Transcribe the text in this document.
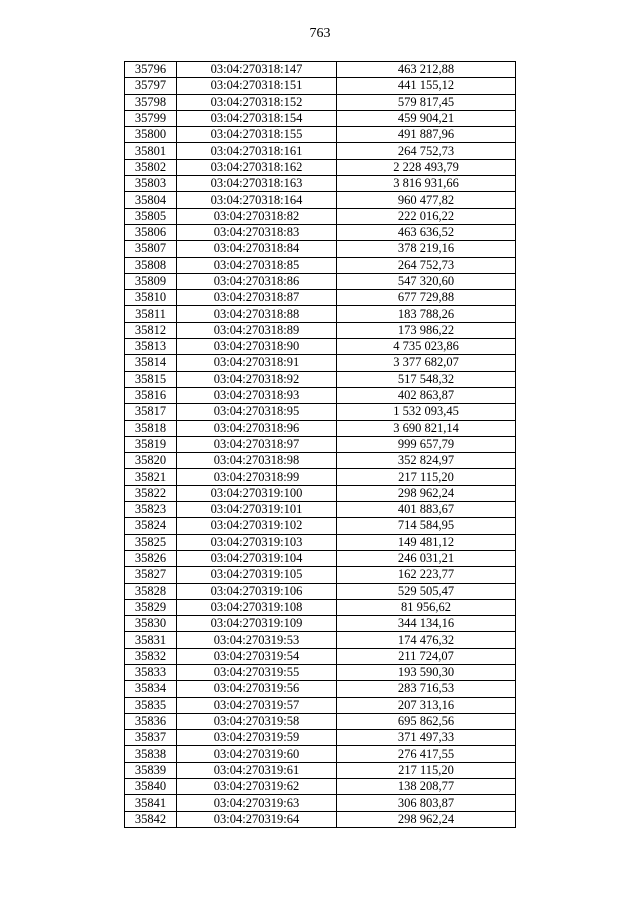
763
35796	03:04:270318:147	463 212,88
35797	03:04:270318:151	441 155,12
35798	03:04:270318:152	579 817,45
35799	03:04:270318:154	459 904,21
35800	03:04:270318:155	491 887,96
35801	03:04:270318:161	264 752,73
35802	03:04:270318:162	2 228 493,79
35803	03:04:270318:163	3 816 931,66
35804	03:04:270318:164	960 477,82
35805	03:04:270318:82	222 016,22
35806	03:04:270318:83	463 636,52
35807	03:04:270318:84	378 219,16
35808	03:04:270318:85	264 752,73
35809	03:04:270318:86	547 320,60
35810	03:04:270318:87	677 729,88
35811	03:04:270318:88	183 788,26
35812	03:04:270318:89	173 986,22
35813	03:04:270318:90	4 735 023,86
35814	03:04:270318:91	3 377 682,07
35815	03:04:270318:92	517 548,32
35816	03:04:270318:93	402 863,87
35817	03:04:270318:95	1 532 093,45
35818	03:04:270318:96	3 690 821,14
35819	03:04:270318:97	999 657,79
35820	03:04:270318:98	352 824,97
35821	03:04:270318:99	217 115,20
35822	03:04:270319:100	298 962,24
35823	03:04:270319:101	401 883,67
35824	03:04:270319:102	714 584,95
35825	03:04:270319:103	149 481,12
35826	03:04:270319:104	246 031,21
35827	03:04:270319:105	162 223,77
35828	03:04:270319:106	529 505,47
35829	03:04:270319:108	81 956,62
35830	03:04:270319:109	344 134,16
35831	03:04:270319:53	174 476,32
35832	03:04:270319:54	211 724,07
35833	03:04:270319:55	193 590,30
35834	03:04:270319:56	283 716,53
35835	03:04:270319:57	207 313,16
35836	03:04:270319:58	695 862,56
35837	03:04:270319:59	371 497,33
35838	03:04:270319:60	276 417,55
35839	03:04:270319:61	217 115,20
35840	03:04:270319:62	138 208,77
35841	03:04:270319:63	306 803,87
35842	03:04:270319:64	298 962,24
